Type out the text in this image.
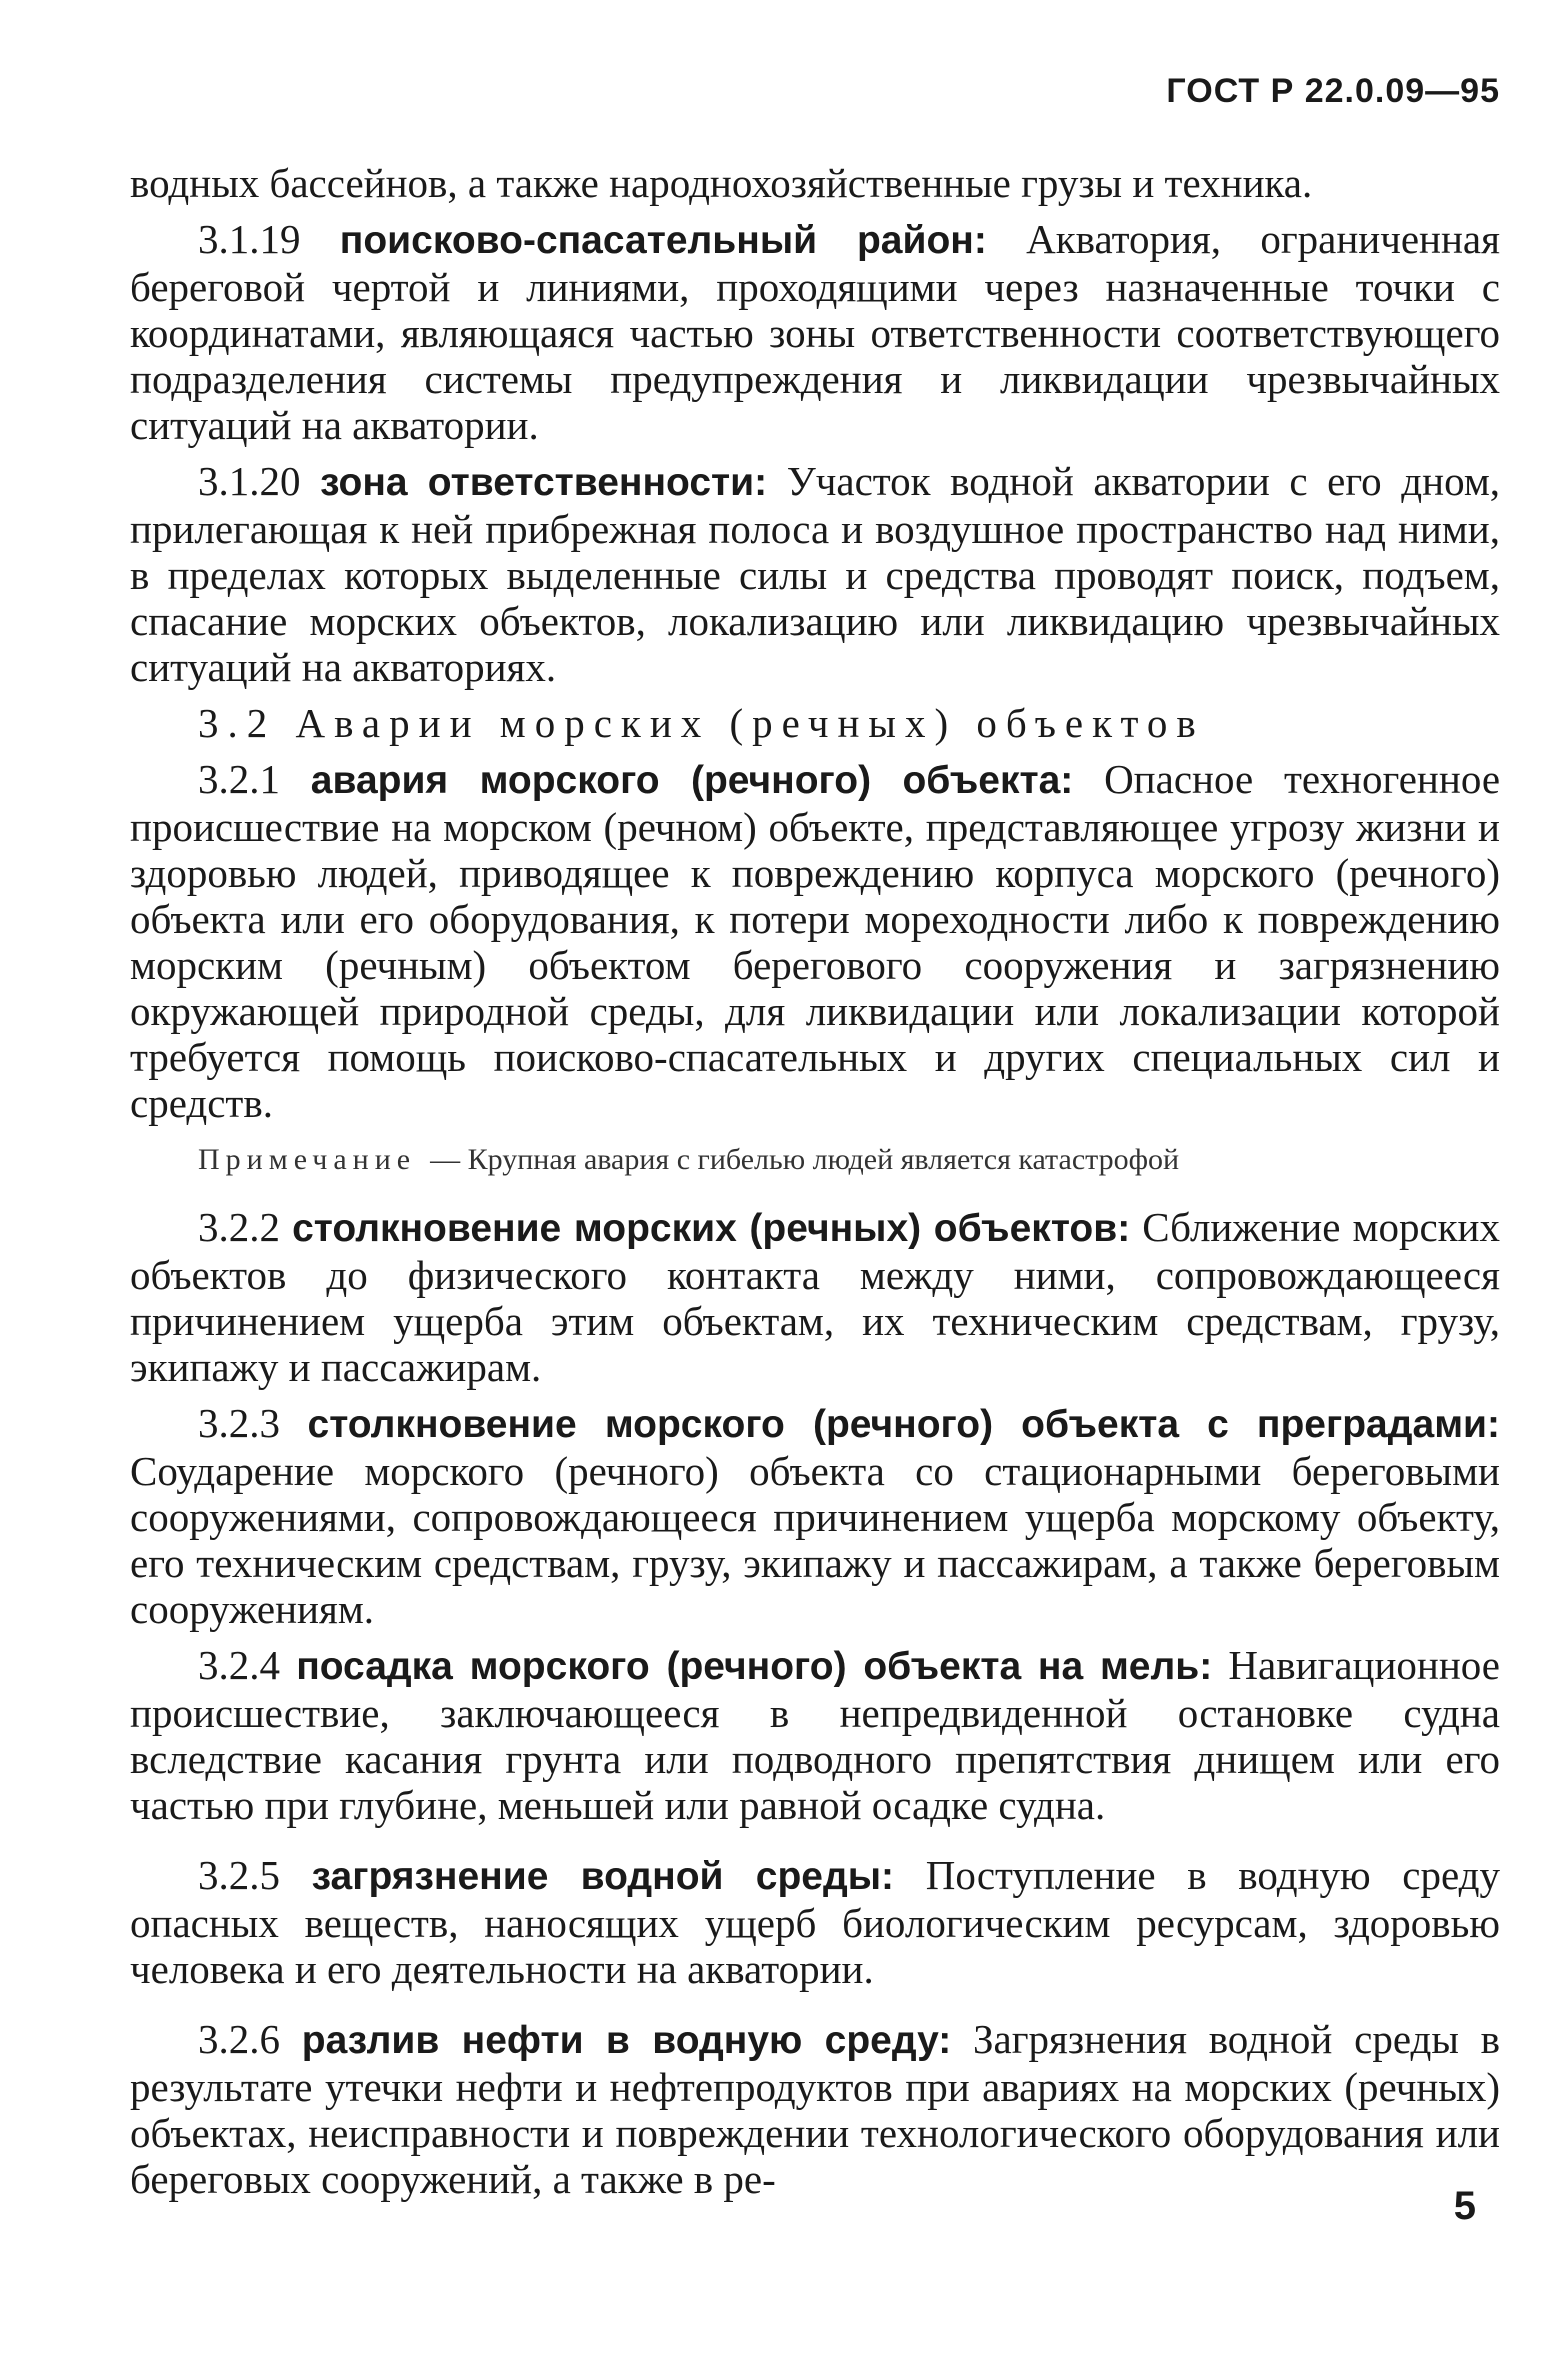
ГОСТ Р 22.0.09—95

водных бассейнов, а также народнохозяйственные грузы и техника.

3.1.19 поисково-спасательный район: Акватория, ограниченная береговой чертой и линиями, проходящими через назначенные точки с координатами, являющаяся частью зоны ответственности соответствующего подразделения системы предупреждения и ликвидации чрезвычайных ситуаций на акватории.

3.1.20 зона ответственности: Участок водной акватории с его дном, прилегающая к ней прибрежная полоса и воздушное пространство над ними, в пределах которых выделенные силы и средства проводят поиск, подъем, спасание морских объектов, локализацию или ликвидацию чрезвычайных ситуаций на акваториях.

3.2 Аварии морских (речных) объектов

3.2.1 авария морского (речного) объекта: Опасное техногенное происшествие на морском (речном) объекте, представляющее угрозу жизни и здоровью людей, приводящее к повреждению корпуса морского (речного) объекта или его оборудования, к потери мореходности либо к повреждению морским (речным) объектом берегового сооружения и загрязнению окружающей природной среды, для ликвидации или локализации которой требуется помощь поисково-спасательных и других специальных сил и средств.

Примечание — Крупная авария с гибелью людей является катастрофой

3.2.2 столкновение морских (речных) объектов: Сближение морских объектов до физического контакта между ними, сопровождающееся причинением ущерба этим объектам, их техническим средствам, грузу, экипажу и пассажирам.

3.2.3 столкновение морского (речного) объекта с преградами: Соударение морского (речного) объекта со стационарными береговыми сооружениями, сопровождающееся причинением ущерба морскому объекту, его техническим средствам, грузу, экипажу и пассажирам, а также береговым сооружениям.

3.2.4 посадка морского (речного) объекта на мель: Навигационное происшествие, заключающееся в непредвиденной остановке судна вследствие касания грунта или подводного препятствия днищем или его частью при глубине, меньшей или равной осадке судна.

3.2.5 загрязнение водной среды: Поступление в водную среду опасных веществ, наносящих ущерб биологическим ресурсам, здоровью человека и его деятельности на акватории.

3.2.6 разлив нефти в водную среду: Загрязнения водной среды в результате утечки нефти и нефтепродуктов при авариях на морских (речных) объектах, неисправности и повреждении технологического оборудования или береговых сооружений, а также в ре-

5
